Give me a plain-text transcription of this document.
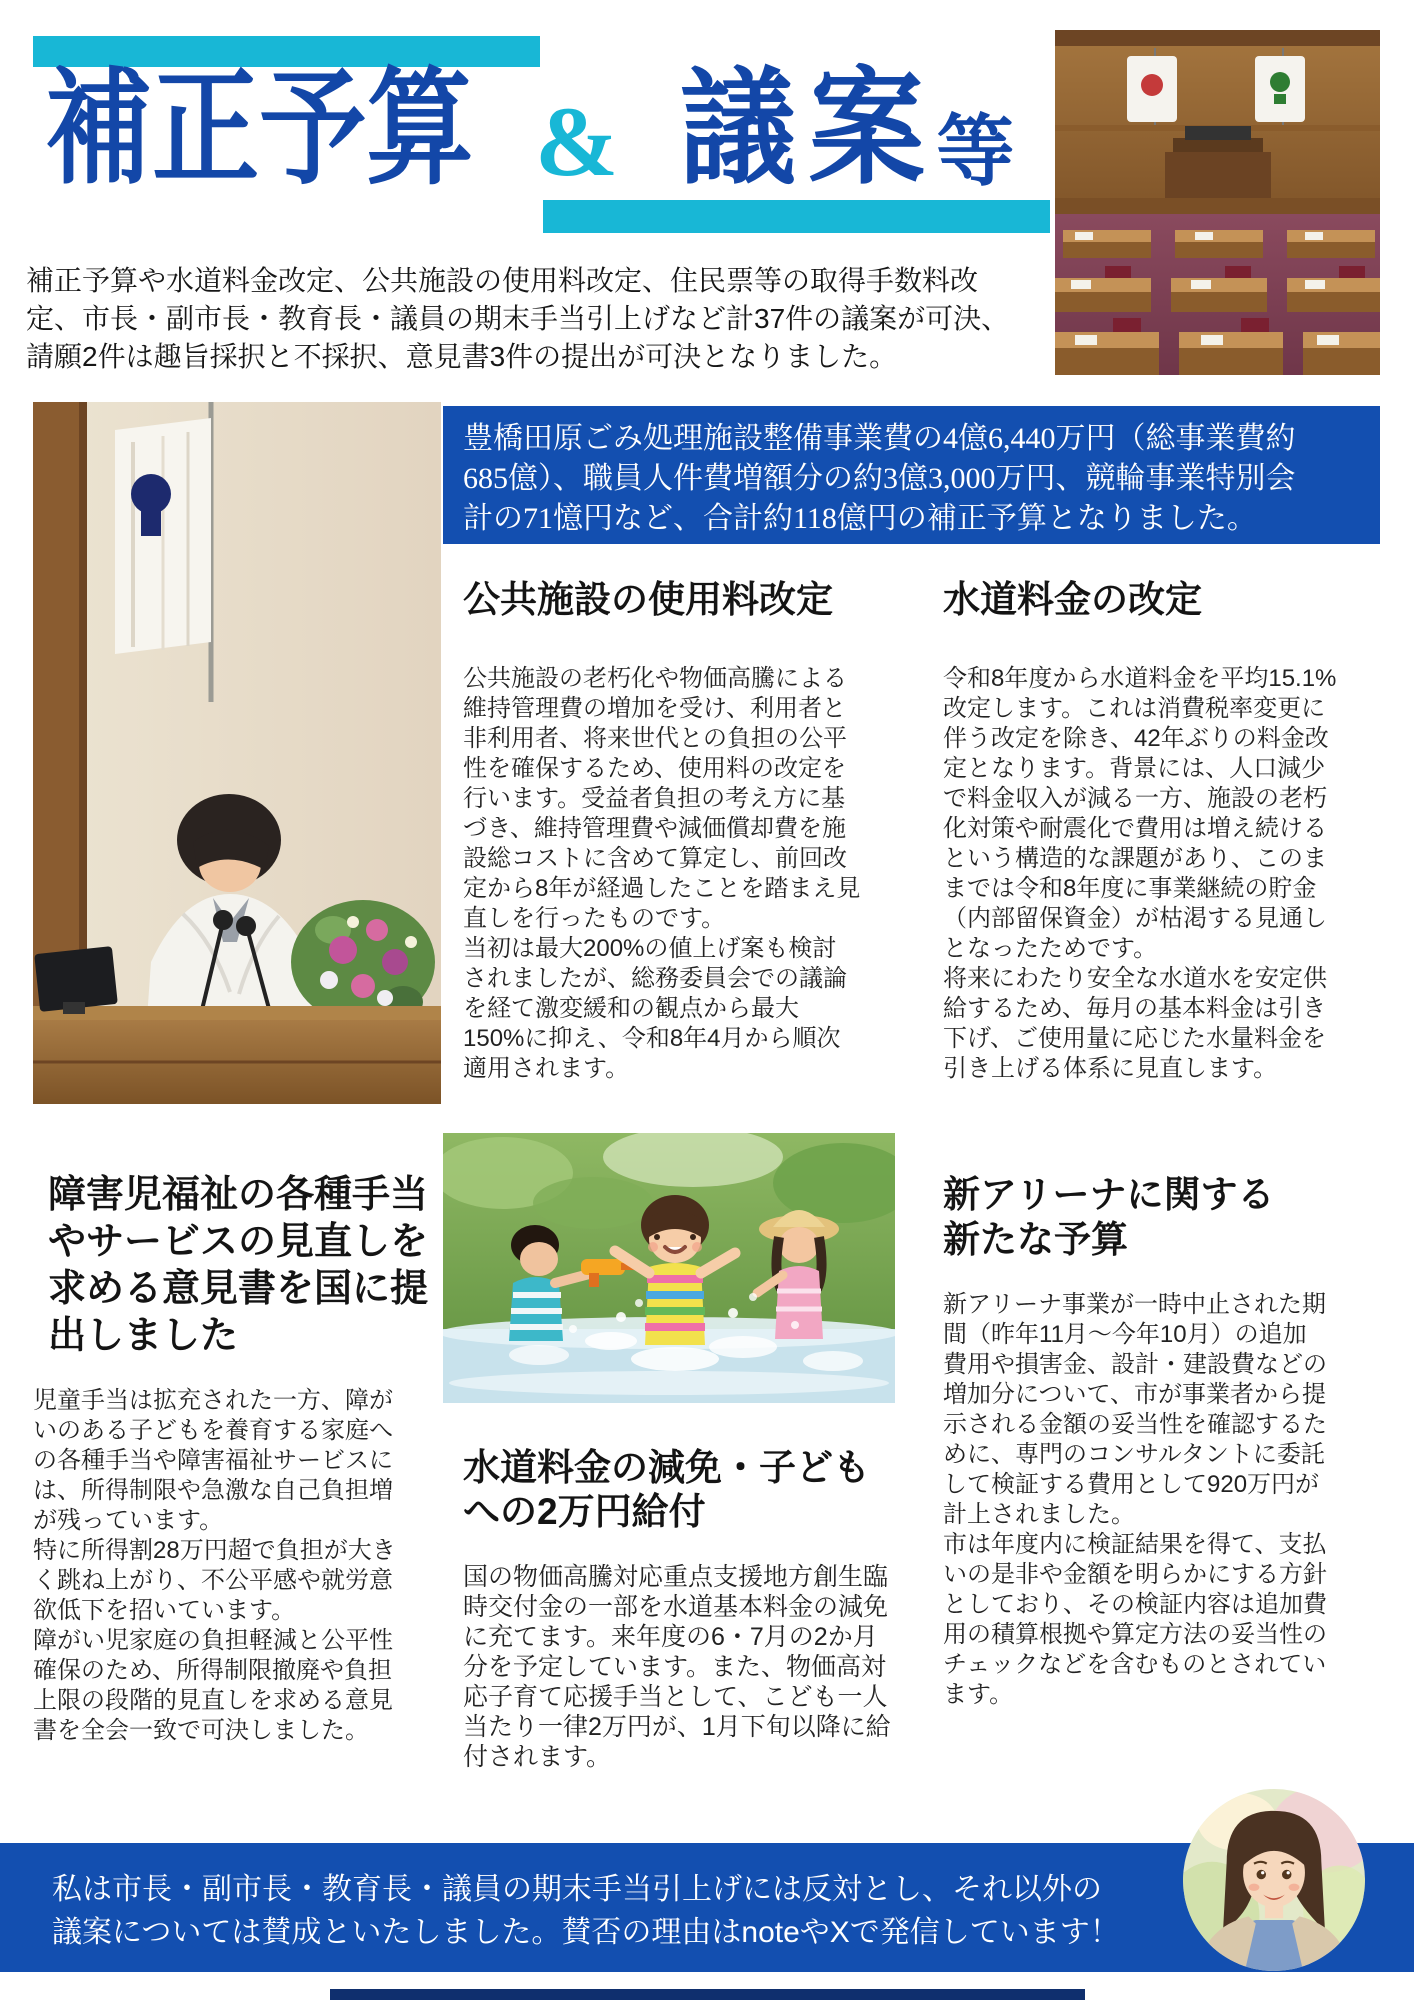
補正予算 & 議案
等
補正予算や水道料金改定、公共施設の使用料改定、住民票等の取得手数料改
定、市長・副市長・教育長・議員の期末手当引上げなど計37件の議案が可決、
請願2件は趣旨採択と不採択、意見書3件の提出が可決となりました。
豊橋田原ごみ処理施設整備事業費の4億6,440万円（総事業費約
685億）、職員人件費増額分の約3億3,000万円、競輪事業特別会
計の71憶円など、合計約118億円の補正予算となりました。
公共施設の使用料改定
公共施設の老朽化や物価高騰による
維持管理費の増加を受け、利用者と
非利用者、将来世代との負担の公平
性を確保するため、使用料の改定を
行います。受益者負担の考え方に基
づき、維持管理費や減価償却費を施
設総コストに含めて算定し、前回改
定から8年が経過したことを踏まえ見
直しを行ったものです。
当初は最大200%の値上げ案も検討
されましたが、総務委員会での議論
を経て激変緩和の観点から最大
150%に抑え、令和8年4月から順次
適用されます。
水道料金の改定
令和8年度から水道料金を平均15.1%
改定します。これは消費税率変更に
伴う改定を除き、42年ぶりの料金改
定となります。背景には、人口減少
で料金収入が減る一方、施設の老朽
化対策や耐震化で費用は増え続ける
という構造的な課題があり、このま
までは令和8年度に事業継続の貯金
（内部留保資金）が枯渇する見通し
となったためです。
将来にわたり安全な水道水を安定供
給するため、毎月の基本料金は引き
下げ、ご使用量に応じた水量料金を
引き上げる体系に見直します。
障害児福祉の各種手当
やサービスの見直しを
求める意見書を国に提
出しました
児童手当は拡充された一方、障が
いのある子どもを養育する家庭へ
の各種手当や障害福祉サービスに
は、所得制限や急激な自己負担増
が残っています。
特に所得割28万円超で負担が大き
く跳ね上がり、不公平感や就労意
欲低下を招いています。
障がい児家庭の負担軽減と公平性
確保のため、所得制限撤廃や負担
上限の段階的見直しを求める意見
書を全会一致で可決しました。
水道料金の減免・子ども
への2万円給付
国の物価高騰対応重点支援地方創生臨
時交付金の一部を水道基本料金の減免
に充てます。来年度の6・7月の2か月
分を予定しています。また、物価高対
応子育て応援手当として、こども一人
当たり一律2万円が、1月下旬以降に給
付されます。
新アリーナに関する
新たな予算
新アリーナ事業が一時中止された期
間（昨年11月～今年10月）の追加
費用や損害金、設計・建設費などの
増加分について、市が事業者から提
示される金額の妥当性を確認するた
めに、専門のコンサルタントに委託
して検証する費用として920万円が
計上されました。
市は年度内に検証結果を得て、支払
いの是非や金額を明らかにする方針
としており、その検証内容は追加費
用の積算根拠や算定方法の妥当性の
チェックなどを含むものとされてい
ます。
私は市長・副市長・教育長・議員の期末手当引上げには反対とし、それ以外の
議案については賛成といたしました。賛否の理由はnoteやXで発信しています！
